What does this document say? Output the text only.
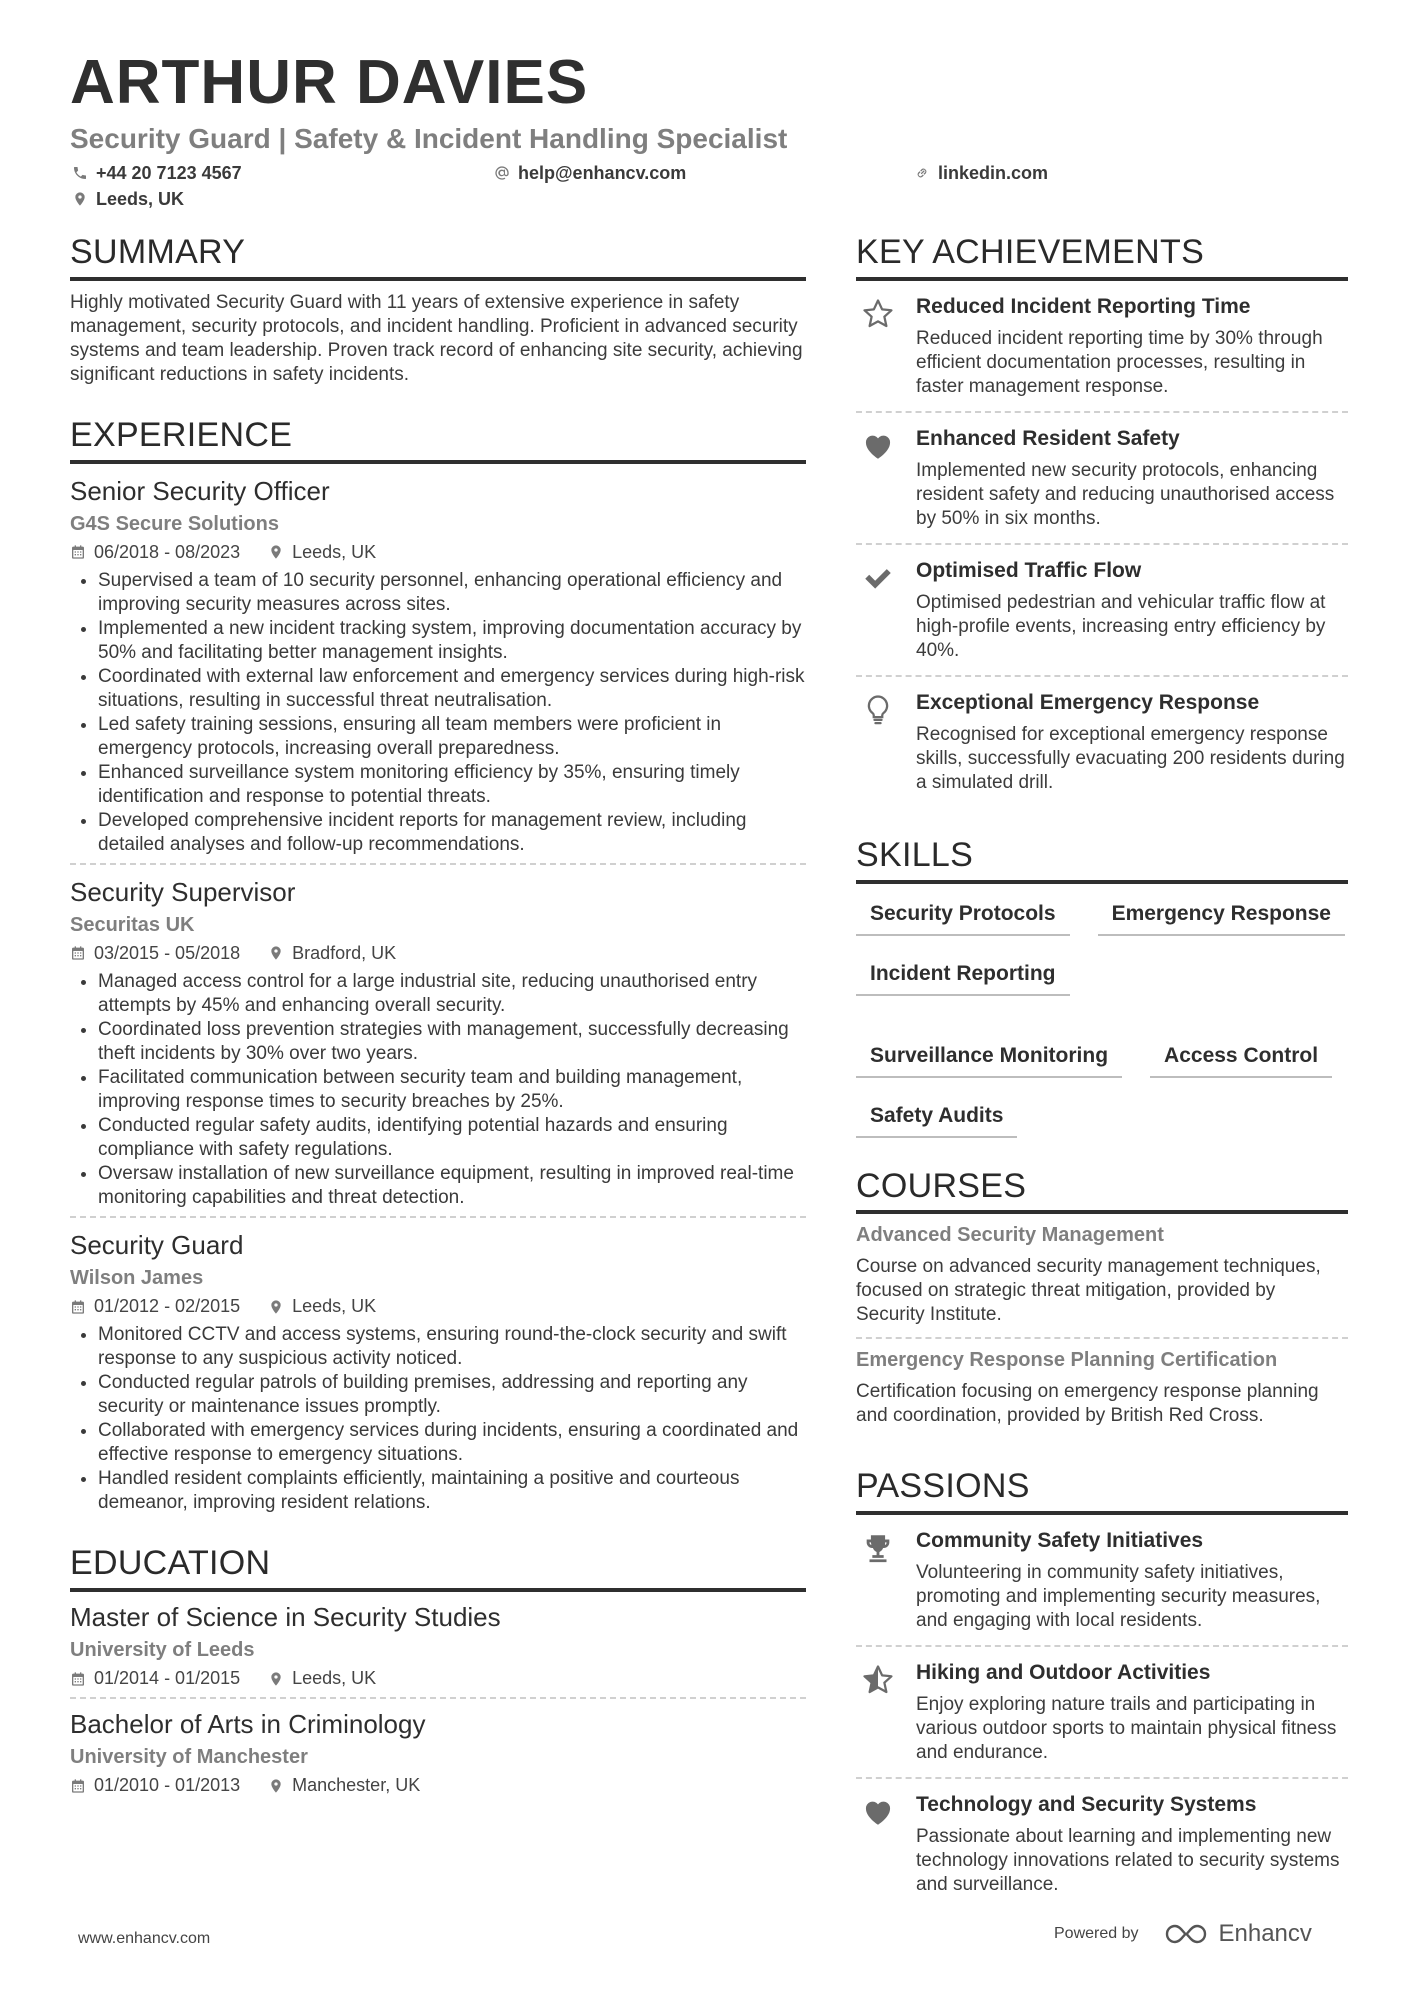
ARTHUR DAVIES
Security Guard | Safety & Incident Handling Specialist
+44 20 7123 4567	help@enhancv.com	linkedin.com
Leeds, UK
SUMMARY

Highly motivated Security Guard with 11 years of extensive experience in safety management, security protocols, and incident handling. Proficient in advanced security systems and team leadership. Proven track record of enhancing site security, achieving significant reductions in safety incidents.

EXPERIENCE
Senior Security Officer
G4S Secure Solutions
06/2018 - 08/2023	Leeds, UK
• Supervised a team of 10 security personnel, enhancing operational efficiency and improving security measures across sites.
• Implemented a new incident tracking system, improving documentation accuracy by 50% and facilitating better management insights.
• Coordinated with external law enforcement and emergency services during high-risk situations, resulting in successful threat neutralisation.
• Led safety training sessions, ensuring all team members were proficient in emergency protocols, increasing overall preparedness.
• Enhanced surveillance system monitoring efficiency by 35%, ensuring timely identification and response to potential threats.
• Developed comprehensive incident reports for management review, including detailed analyses and follow-up recommendations.
Security Supervisor
Securitas UK
03/2015 - 05/2018	Bradford, UK
• Managed access control for a large industrial site, reducing unauthorised entry attempts by 45% and enhancing overall security.
• Coordinated loss prevention strategies with management, successfully decreasing theft incidents by 30% over two years.
• Facilitated communication between security team and building management, improving response times to security breaches by 25%.
• Conducted regular safety audits, identifying potential hazards and ensuring compliance with safety regulations.
• Oversaw installation of new surveillance equipment, resulting in improved real-time monitoring capabilities and threat detection.
Security Guard
Wilson James
01/2012 - 02/2015	Leeds, UK
• Monitored CCTV and access systems, ensuring round-the-clock security and swift response to any suspicious activity noticed.
• Conducted regular patrols of building premises, addressing and reporting any security or maintenance issues promptly.
• Collaborated with emergency services during incidents, ensuring a coordinated and effective response to emergency situations.
• Handled resident complaints efficiently, maintaining a positive and courteous demeanor, improving resident relations.
EDUCATION
Master of Science in Security Studies
University of Leeds
01/2014 - 01/2015	Leeds, UK
Bachelor of Arts in Criminology
University of Manchester
01/2010 - 01/2013	Manchester, UK
KEY ACHIEVEMENTS
Reduced Incident Reporting Time

Reduced incident reporting time by 30% through efficient documentation processes, resulting in faster management response.

Enhanced Resident Safety

Implemented new security protocols, enhancing resident safety and reducing unauthorised access by 50% in six months.

Optimised Traffic Flow

Optimised pedestrian and vehicular traffic flow at high-profile events, increasing entry efficiency by 40%.

Exceptional Emergency Response

Recognised for exceptional emergency response skills, successfully evacuating 200 residents during a simulated drill.

SKILLS
Security Protocols	Emergency Response
Incident Reporting
Surveillance Monitoring	Access Control
Safety Audits
COURSES
Advanced Security Management

Course on advanced security management techniques, focused on strategic threat mitigation, provided by Security Institute.

Emergency Response Planning Certification

Certification focusing on emergency response planning and coordination, provided by British Red Cross.

PASSIONS
Community Safety Initiatives

Volunteering in community safety initiatives, promoting and implementing security measures, and engaging with local residents.

Hiking and Outdoor Activities

Enjoy exploring nature trails and participating in various outdoor sports to maintain physical fitness and endurance.

Technology and Security Systems

Passionate about learning and implementing new technology innovations related to security systems and surveillance.

www.enhancv.com	Powered by	Enhancv
